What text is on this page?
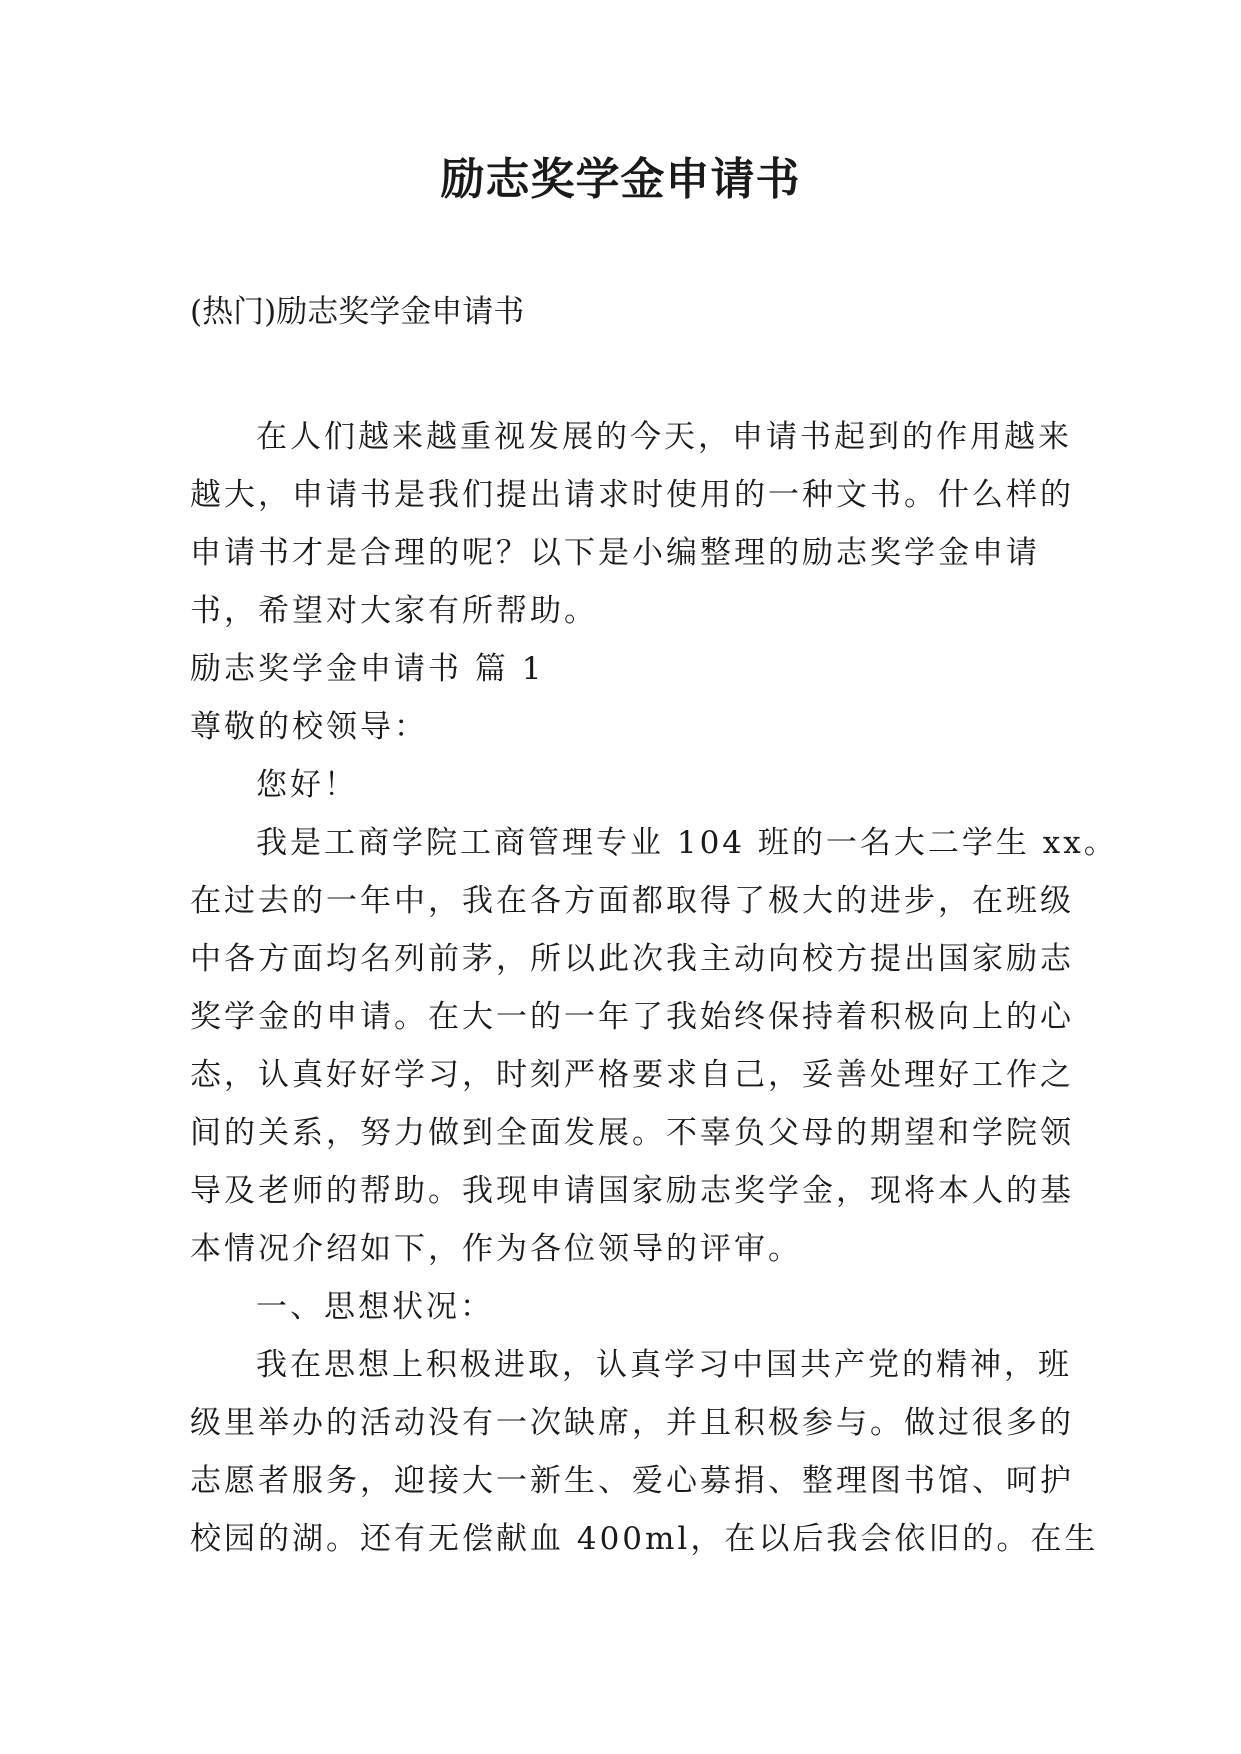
励志奖学金申请书

(热门)励志奖学金申请书

在人们越来越重视发展的今天，申请书起到的作用越来
越大，申请书是我们提出请求时使用的一种文书。什么样的
申请书才是合理的呢？以下是小编整理的励志奖学金申请
书，希望对大家有所帮助。
励志奖学金申请书 篇 1
尊敬的校领导：
您好！
我是工商学院工商管理专业 104 班的一名大二学生 xx。
在过去的一年中，我在各方面都取得了极大的进步，在班级
中各方面均名列前茅，所以此次我主动向校方提出国家励志
奖学金的申请。在大一的一年了我始终保持着积极向上的心
态，认真好好学习，时刻严格要求自己，妥善处理好工作之
间的关系，努力做到全面发展。不辜负父母的期望和学院领
导及老师的帮助。我现申请国家励志奖学金，现将本人的基
本情况介绍如下，作为各位领导的评审。
一、思想状况：
我在思想上积极进取，认真学习中国共产党的精神，班
级里举办的活动没有一次缺席，并且积极参与。做过很多的
志愿者服务，迎接大一新生、爱心募捐、整理图书馆、呵护
校园的湖。还有无偿献血 400ml，在以后我会依旧的。在生
